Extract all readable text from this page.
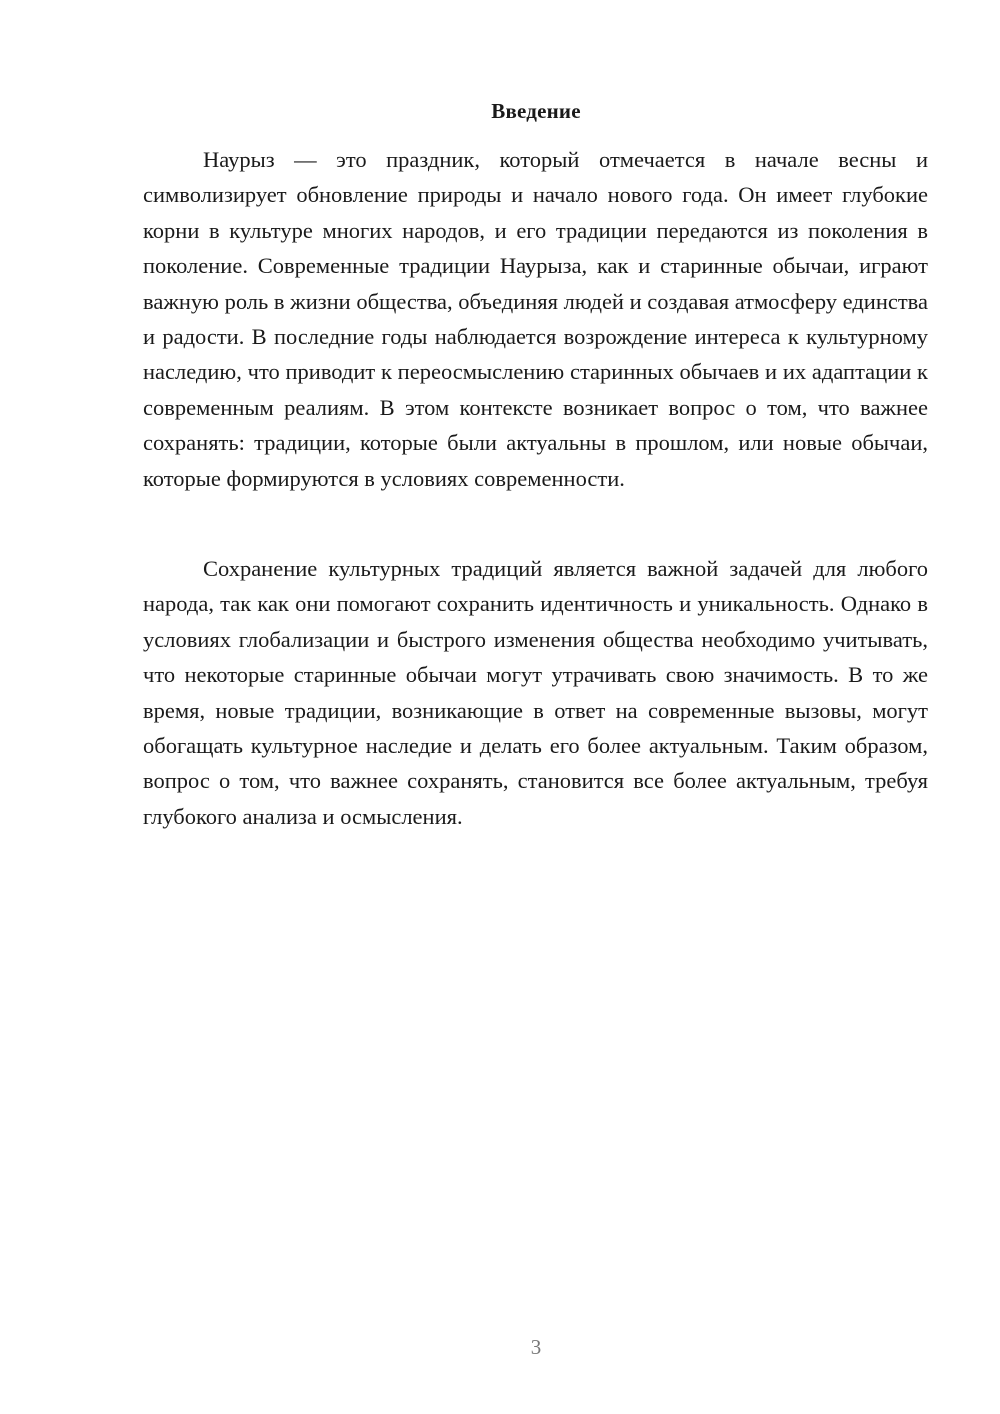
Введение

Наурыз — это праздник, который отмечается в начале весны и символизирует обновление природы и начало нового года. Он имеет глубокие корни в культуре многих народов, и его традиции передаются из поколения в поколение. Современные традиции Наурыза, как и старинные обычаи, играют важную роль в жизни общества, объединяя людей и создавая атмосферу единства и радости. В последние годы наблюдается возрождение интереса к культурному наследию, что приводит к переосмыслению старинных обычаев и их адаптации к современным реалиям. В этом контексте возникает вопрос о том, что важнее сохранять: традиции, которые были актуальны в прошлом, или новые обычаи, которые формируются в условиях современности.

Сохранение культурных традиций является важной задачей для любого народа, так как они помогают сохранить идентичность и уникальность. Однако в условиях глобализации и быстрого изменения общества необходимо учитывать, что некоторые старинные обычаи могут утрачивать свою значимость. В то же время, новые традиции, возникающие в ответ на современные вызовы, могут обогащать культурное наследие и делать его более актуальным. Таким образом, вопрос о том, что важнее сохранять, становится все более актуальным, требуя глубокого анализа и осмысления.

3
